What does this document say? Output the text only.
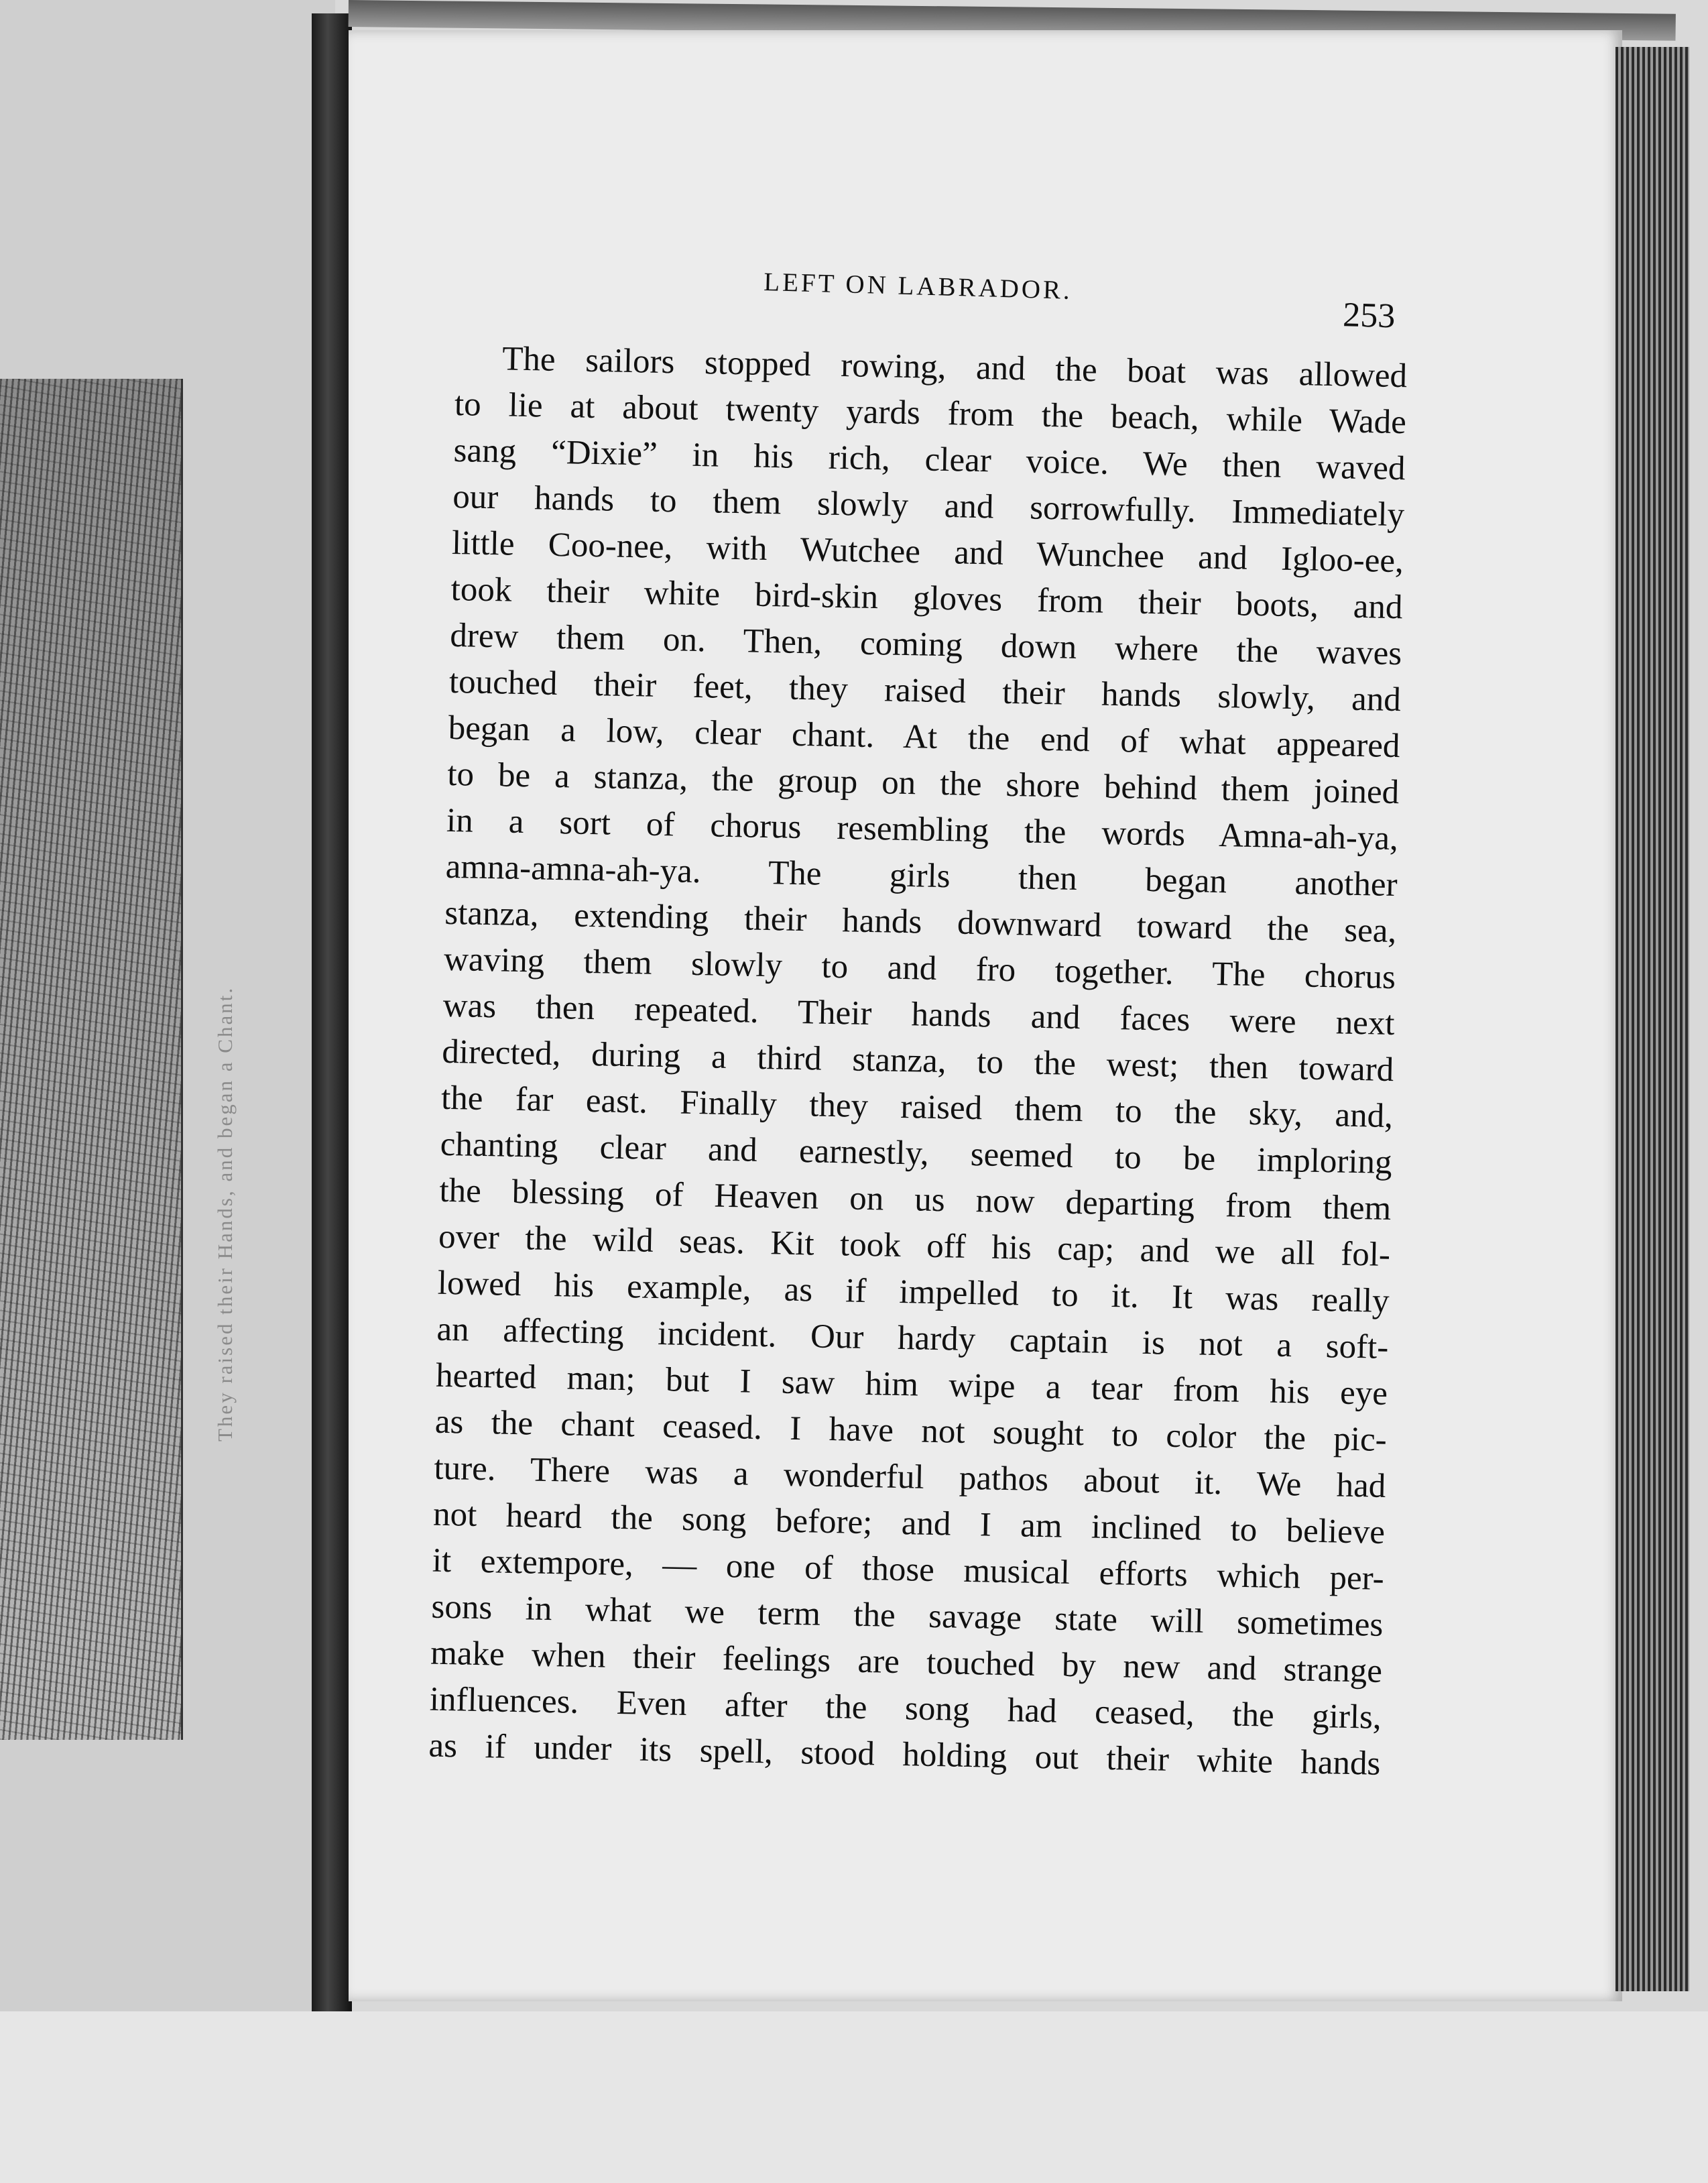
They raised their Hands, and began a Chant.
LEFT ON LABRADOR.
253
The sailors stopped rowing, and the boat was allowed
to lie at about twenty yards from the beach, while Wade
sang “Dixie” in his rich, clear voice. We then waved
our hands to them slowly and sorrowfully. Immediately
little Coo-nee, with Wutchee and Wunchee and Igloo-ee,
took their white bird-skin gloves from their boots, and
drew them on. Then, coming down where the waves
touched their feet, they raised their hands slowly, and
began a low, clear chant. At the end of what appeared
to be a stanza, the group on the shore behind them joined
in a sort of chorus resembling the words Amna-ah-ya,
amna-amna-ah-ya. The girls then began another
stanza, extending their hands downward toward the sea,
waving them slowly to and fro together. The chorus
was then repeated. Their hands and faces were next
directed, during a third stanza, to the west; then toward
the far east. Finally they raised them to the sky, and,
chanting clear and earnestly, seemed to be imploring
the blessing of Heaven on us now departing from them
over the wild seas. Kit took off his cap; and we all fol-
lowed his example, as if impelled to it. It was really
an affecting incident. Our hardy captain is not a soft-
hearted man; but I saw him wipe a tear from his eye
as the chant ceased. I have not sought to color the pic-
ture. There was a wonderful pathos about it. We had
not heard the song before; and I am inclined to believe
it extempore, — one of those musical efforts which per-
sons in what we term the savage state will sometimes
make when their feelings are touched by new and strange
influences. Even after the song had ceased, the girls,
as if under its spell, stood holding out their white hands
